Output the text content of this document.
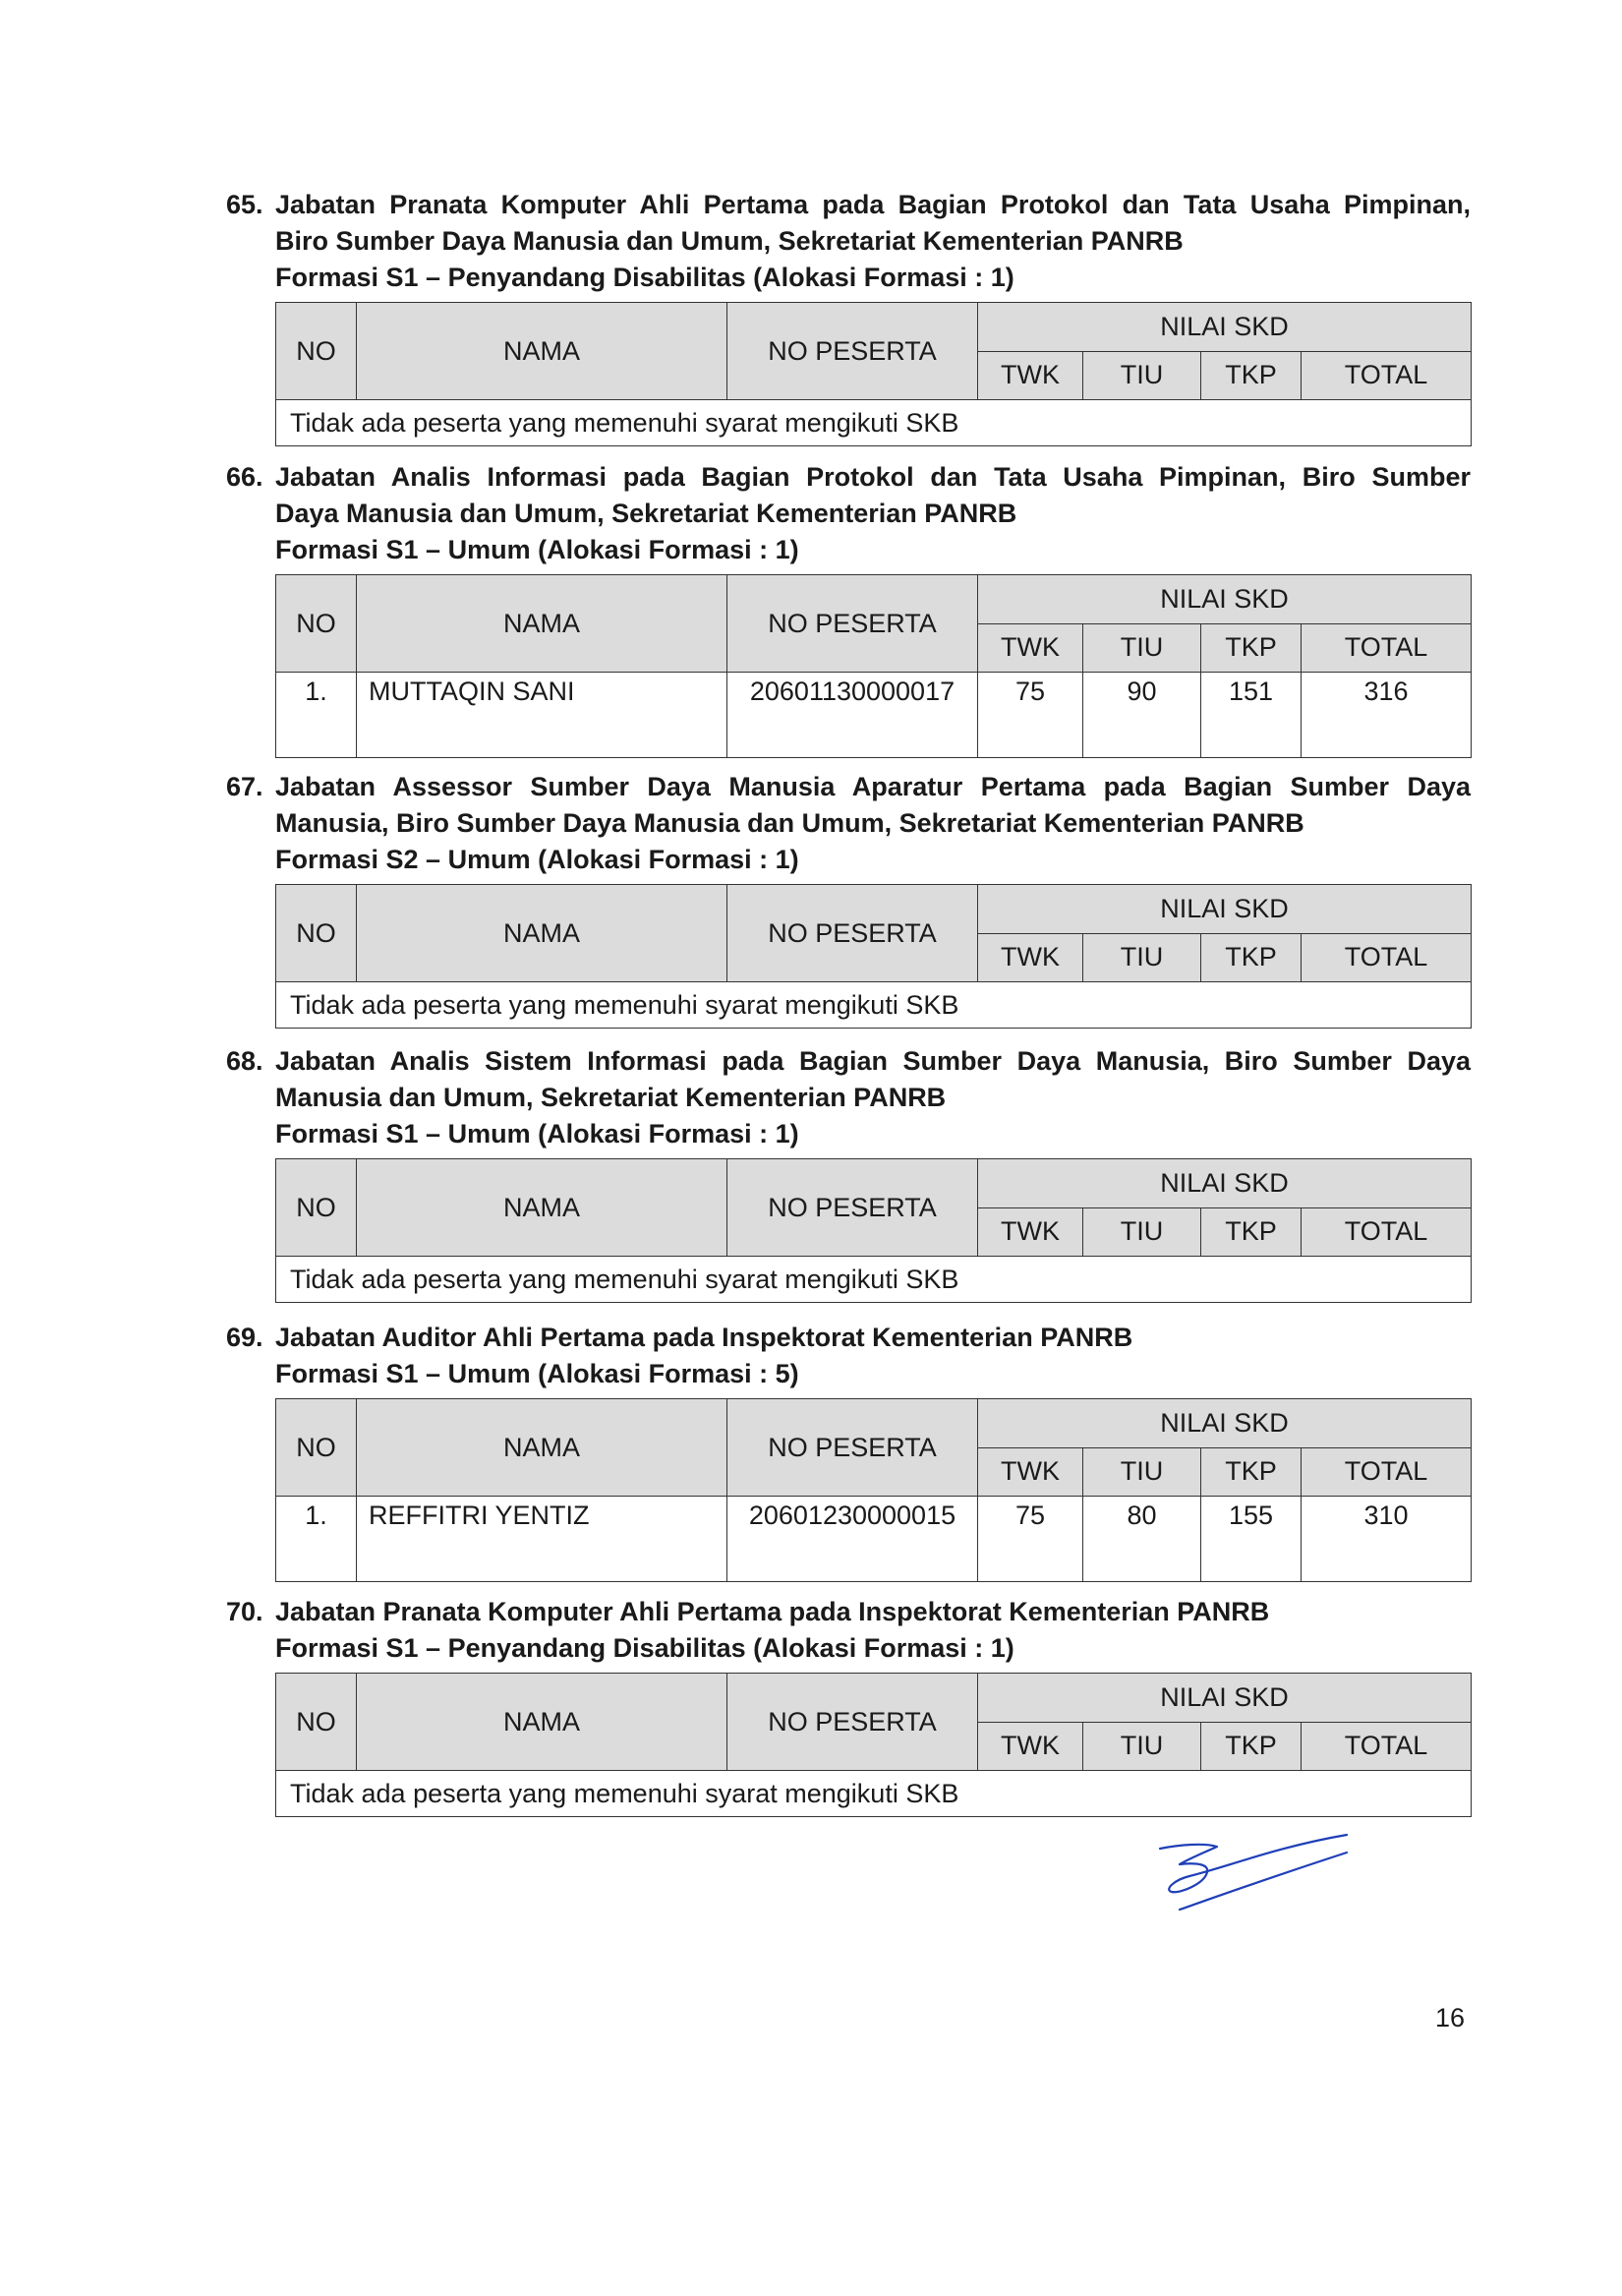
65. Jabatan Pranata Komputer Ahli Pertama pada Bagian Protokol dan Tata Usaha Pimpinan,
Biro Sumber Daya Manusia dan Umum, Sekretariat Kementerian PANRB
Formasi S1 – Penyandang Disabilitas (Alokasi Formasi : 1)
NO	NAMA	NO PESERTA	NILAI SKD			
			TWK	TIU	TKP	TOTAL
Tidak ada peserta yang memenuhi syarat mengikuti SKB						
66. Jabatan Analis Informasi pada Bagian Protokol dan Tata Usaha Pimpinan, Biro Sumber
Daya Manusia dan Umum, Sekretariat Kementerian PANRB
Formasi S1 – Umum (Alokasi Formasi : 1)
NO	NAMA	NO PESERTA	NILAI SKD			
			TWK	TIU	TKP	TOTAL
1.	MUTTAQIN SANI	20601130000017	75	90	151	316
67. Jabatan Assessor Sumber Daya Manusia Aparatur Pertama pada Bagian Sumber Daya
Manusia, Biro Sumber Daya Manusia dan Umum, Sekretariat Kementerian PANRB
Formasi S2 – Umum (Alokasi Formasi : 1)
NO	NAMA	NO PESERTA	NILAI SKD			
			TWK	TIU	TKP	TOTAL
Tidak ada peserta yang memenuhi syarat mengikuti SKB						
68. Jabatan Analis Sistem Informasi pada Bagian Sumber Daya Manusia, Biro Sumber Daya
Manusia dan Umum, Sekretariat Kementerian PANRB
Formasi S1 – Umum (Alokasi Formasi : 1)
NO	NAMA	NO PESERTA	NILAI SKD			
			TWK	TIU	TKP	TOTAL
Tidak ada peserta yang memenuhi syarat mengikuti SKB						
69. Jabatan Auditor Ahli Pertama pada Inspektorat Kementerian PANRB
Formasi S1 – Umum (Alokasi Formasi : 5)
NO	NAMA	NO PESERTA	NILAI SKD			
			TWK	TIU	TKP	TOTAL
1.	REFFITRI YENTIZ	20601230000015	75	80	155	310
70. Jabatan Pranata Komputer Ahli Pertama pada Inspektorat Kementerian PANRB
Formasi S1 – Penyandang Disabilitas (Alokasi Formasi : 1)
NO	NAMA	NO PESERTA	NILAI SKD			
			TWK	TIU	TKP	TOTAL
Tidak ada peserta yang memenuhi syarat mengikuti SKB						
16
